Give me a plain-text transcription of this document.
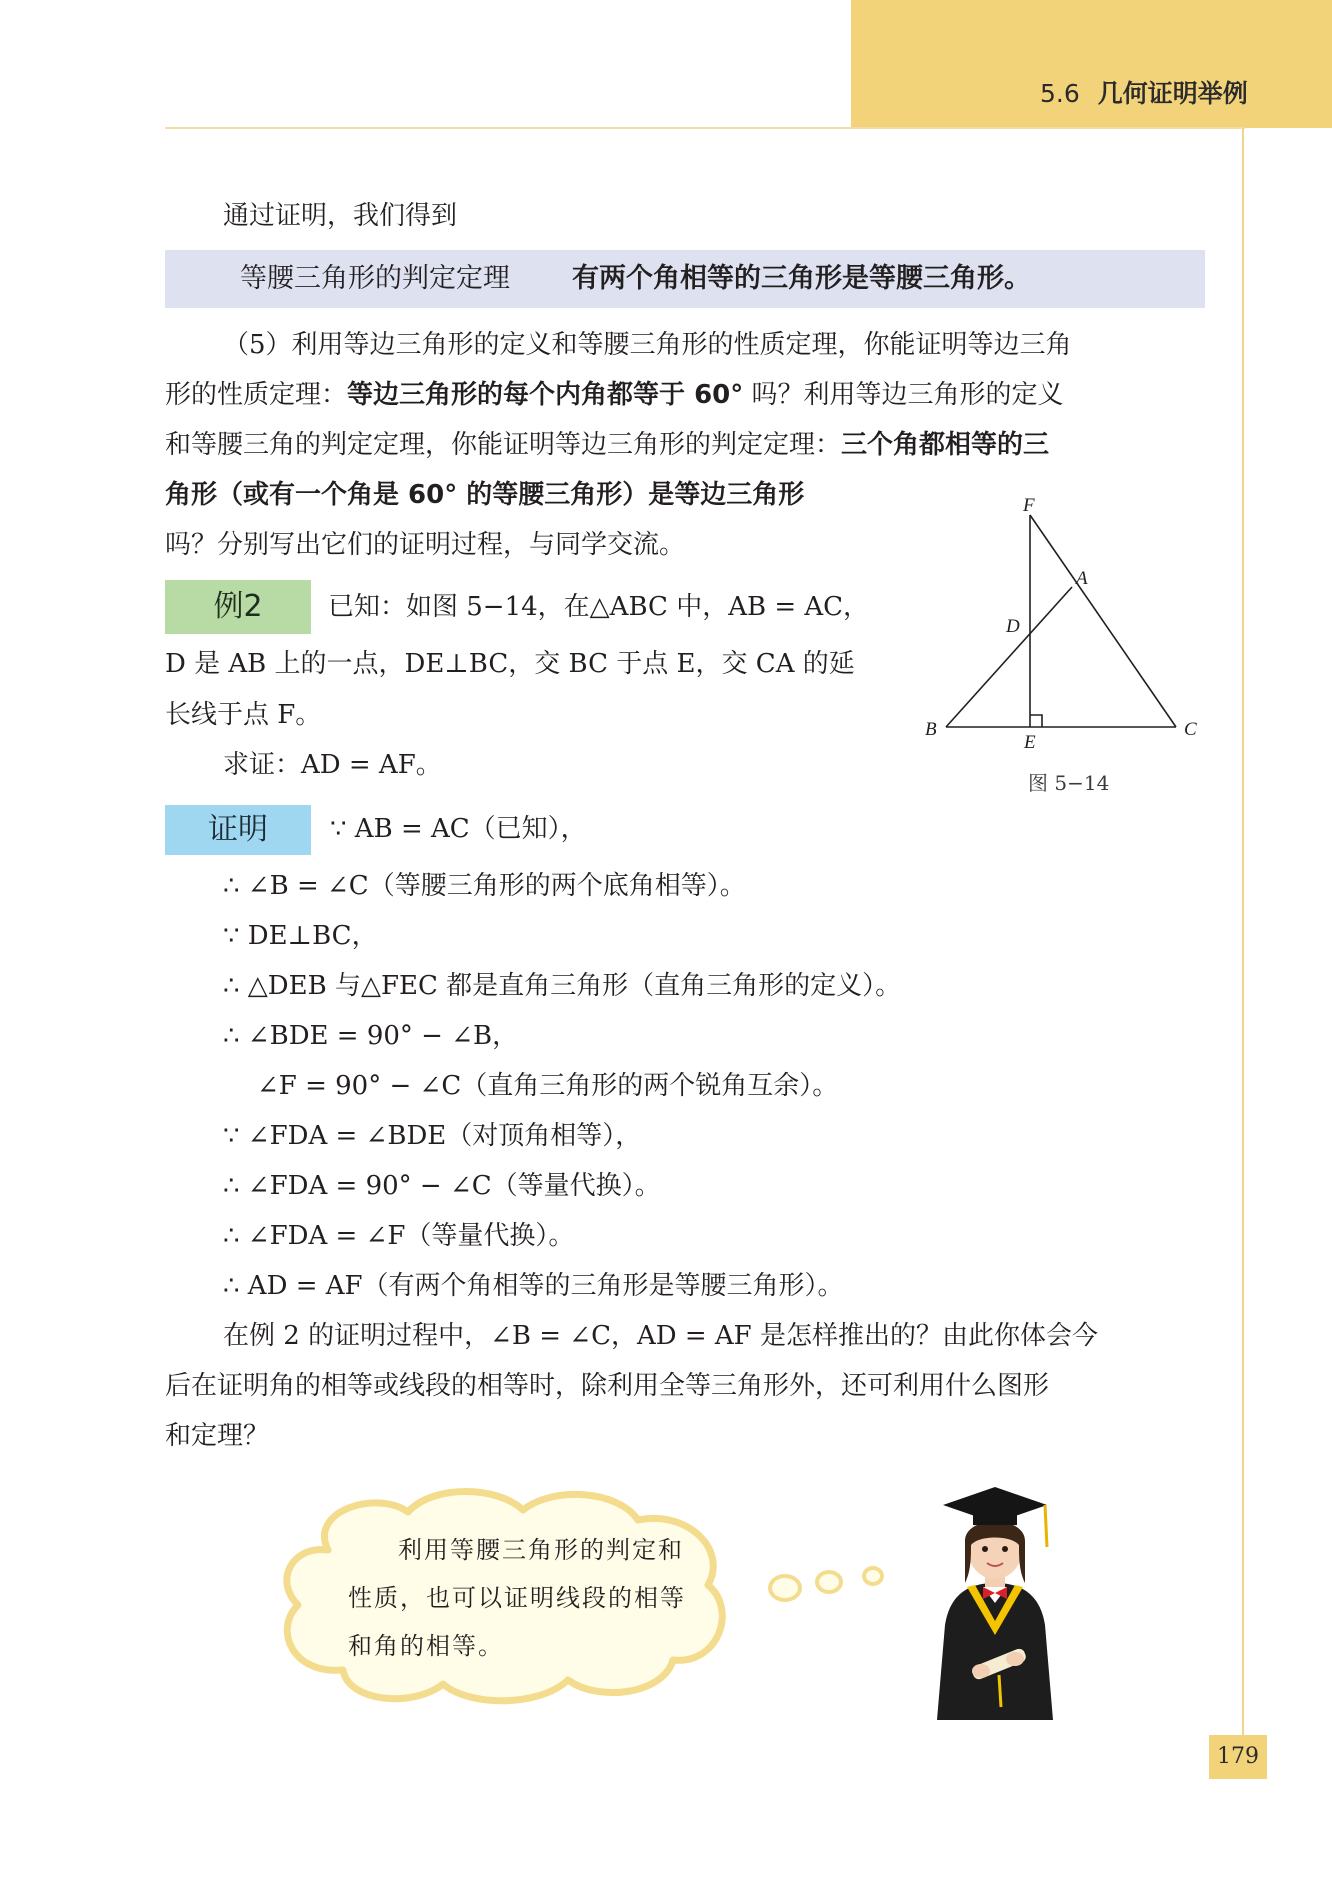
5.6 几何证明举例
通过证明，我们得到
等腰三角形的判定定理 有两个角相等的三角形是等腰三角形。
（5）利用等边三角形的定义和等腰三角形的性质定理，你能证明等边三角
形的性质定理：等边三角形的每个内角都等于 60° 吗？利用等边三角形的定义
和等腰三角的判定定理，你能证明等边三角形的判定定理：三个角都相等的三
角形（或有一个角是 60° 的等腰三角形）是等边三角形
吗？分别写出它们的证明过程，与同学交流。
例2	已知：如图 5−14，在△ABC 中，AB = AC，
D 是 AB 上的一点，DE⊥BC，交 BC 于点 E，交 CA 的延
长线于点 F。
求证：AD = AF。
F
A
D
B
E
C
图 5−14
证明	∵ AB = AC（已知），
∴ ∠B = ∠C（等腰三角形的两个底角相等）。
∵ DE⊥BC，
∴ △DEB 与△FEC 都是直角三角形（直角三角形的定义）。
∴ ∠BDE = 90° − ∠B，
∠F = 90° − ∠C（直角三角形的两个锐角互余）。
∵ ∠FDA = ∠BDE（对顶角相等），
∴ ∠FDA = 90° − ∠C（等量代换）。
∴ ∠FDA = ∠F（等量代换）。
∴ AD = AF（有两个角相等的三角形是等腰三角形）。
在例 2 的证明过程中，∠B = ∠C，AD = AF 是怎样推出的？由此你体会今
后在证明角的相等或线段的相等时，除利用全等三角形外，还可利用什么图形
和定理？
利用等腰三角形的判定和
性质，也可以证明线段的相等
和角的相等。
179
